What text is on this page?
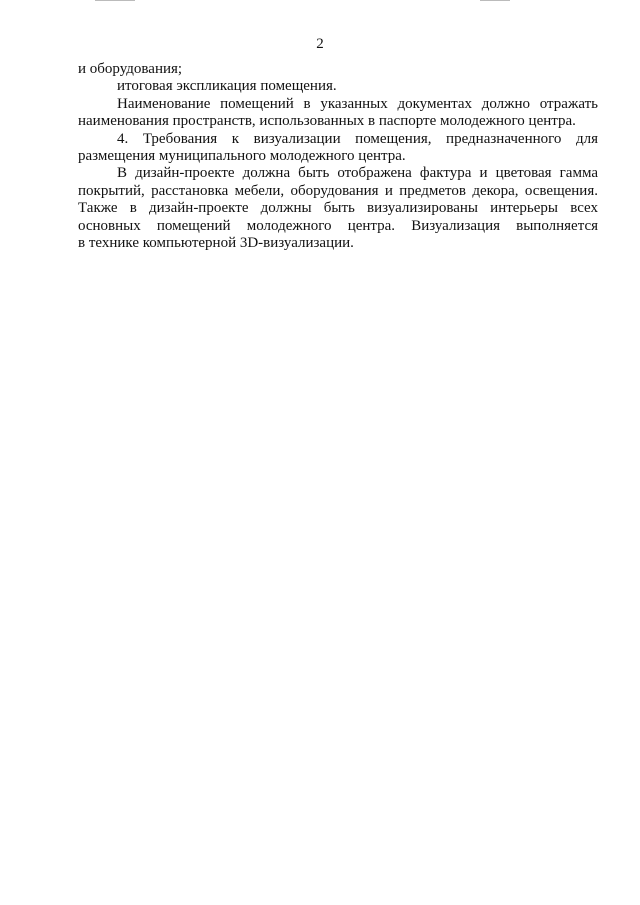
2
и оборудования;
итоговая экспликация помещения.
Наименование помещений в указанных документах должно отражать
наименования пространств, использованных в паспорте молодежного центра.
4. Требования к визуализации помещения, предназначенного для
размещения муниципального молодежного центра.
В дизайн-проекте должна быть отображена фактура и цветовая гамма
покрытий, расстановка мебели, оборудования и предметов декора, освещения.
Также в дизайн-проекте должны быть визуализированы интерьеры всех
основных помещений молодежного центра. Визуализация выполняется
в технике компьютерной 3D-визуализации.
